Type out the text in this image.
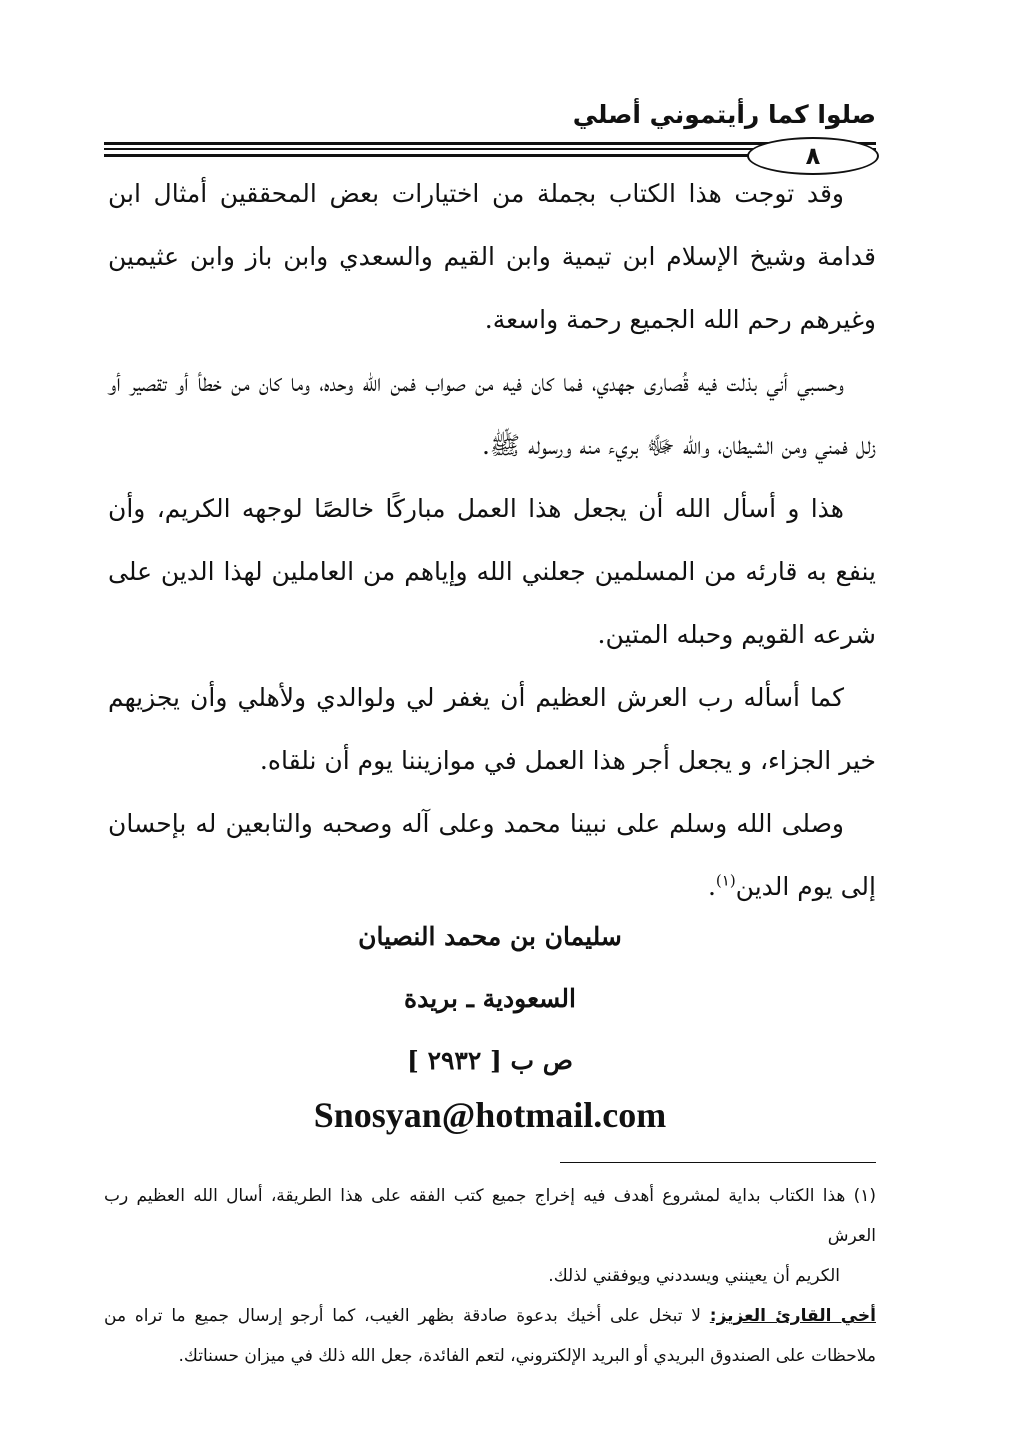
صلوا كما رأيتموني أصلي
٨

وقد توجت هذا الكتاب بجملة من اختيارات بعض المحققين أمثال ابن قدامة وشيخ الإسلام ابن تيمية وابن القيم والسعدي وابن باز وابن عثيمين وغيرهم رحم الله الجميع رحمة واسعة.

وحسبي أني بذلت فيه قُصارى جهدي، فما كان فيه من صواب فمن الله وحده، وما كان من خطأ أو تقصير أو زلل فمني ومن الشيطان، والله ﷻ بريء منه ورسوله ﷺ.

هذا و أسأل الله أن يجعل هذا العمل مباركًا خالصًا لوجهه الكريم، وأن ينفع به قارئه من المسلمين جعلني الله وإياهم من العاملين لهذا الدين على شرعه القويم وحبله المتين.

كما أسأله رب العرش العظيم أن يغفر لي ولوالدي ولأهلي وأن يجزيهم خير الجزاء، و يجعل أجر هذا العمل في موازيننا يوم أن نلقاه.

وصلى الله وسلم على نبينا محمد وعلى آله وصحبه والتابعين له بإحسان إلى يوم الدين$^{(١)}$.

سليمان بن محمد النصيان
السعودية ـ بريدة
ص ب [ ٢٩٣٢ ]
Snosyan@hotmail.com

(١) هذا الكتاب بداية لمشروع أهدف فيه إخراج جميع كتب الفقه على هذا الطريقة، أسال الله العظيم رب العرش

الكريم أن يعينني ويسددني ويوفقني لذلك.

أخي القارئ العزيز: لا تبخل على أخيك بدعوة صادقة بظهر الغيب، كما أرجو إرسال جميع ما تراه من ملاحظات على الصندوق البريدي أو البريد الإلكتروني، لتعم الفائدة، جعل الله ذلك في ميزان حسناتك.
